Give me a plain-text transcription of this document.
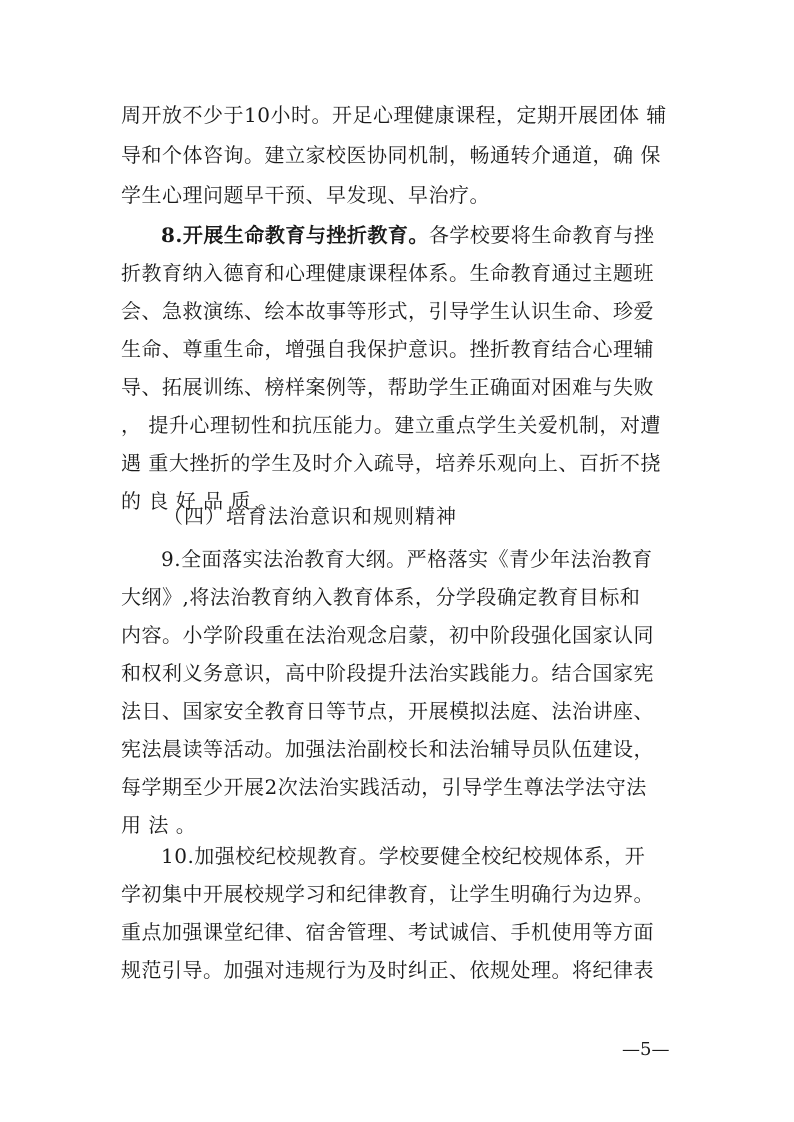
周开放不少于10小时。开足心理健康课程，定期开展团体 辅
导和个体咨询。建立家校医协同机制，畅通转介通道，确 保
学生心理问题早干预、早发现、早治疗。
8.开展生命教育与挫折教育。各学校要将生命教育与挫
折教育纳入德育和心理健康课程体系。生命教育通过主题班
会、急救演练、绘本故事等形式，引导学生认识生命、珍爱
生命、尊重生命，增强自我保护意识。挫折教育结合心理辅
导、拓展训练、榜样案例等，帮助学生正确面对困难与失败
， 提升心理韧性和抗压能力。建立重点学生关爱机制，对遭
遇 重大挫折的学生及时介入疏导，培养乐观向上、百折不挠
的 良 好 品 质 。
（四）培育法治意识和规则精神
9.全面落实法治教育大纲。严格落实《青少年法治教育
大纲》,将法治教育纳入教育体系，分学段确定教育目标和
内容。小学阶段重在法治观念启蒙，初中阶段强化国家认同
和权利义务意识，高中阶段提升法治实践能力。结合国家宪
法日、国家安全教育日等节点，开展模拟法庭、法治讲座、
宪法晨读等活动。加强法治副校长和法治辅导员队伍建设，
每学期至少开展2次法治实践活动，引导学生尊法学法守法
用 法 。
10.加强校纪校规教育。学校要健全校纪校规体系，开
学初集中开展校规学习和纪律教育，让学生明确行为边界。
重点加强课堂纪律、宿舍管理、考试诚信、手机使用等方面
规范引导。加强对违规行为及时纠正、依规处理。将纪律表
—5—
